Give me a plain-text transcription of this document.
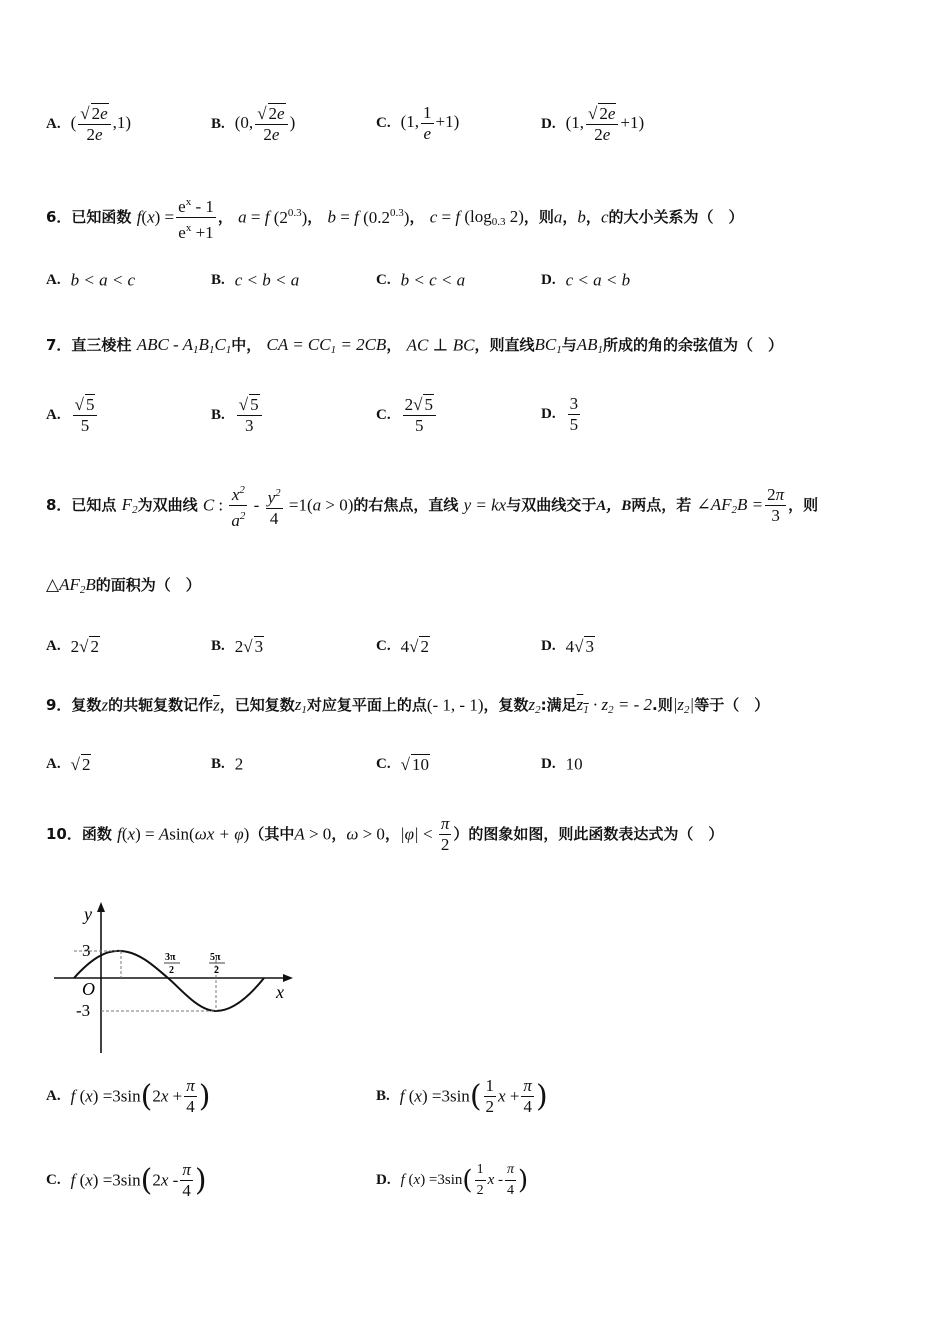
A. ( $\frac{√ 2e}{2e} ,1$)	B. (0, $\frac{√ 2e}{2e}$ )	C. (1, $\frac{1}{e} +1$)	D. (1, $\frac{√ 2e}{2e} +1$)
6．已知函数 $f(x) = \frac{e^x - 1}{e^x +1}$ ， a = f $(2^{0.3})$， b = f $(0.2^{0.3})$， c = f ($\log_{0.3}$ 2)，则a，b，c的大小关系为（　）
A. b < a < c	B. c < b < a	C. b < c < a	D. c < a < b
7．直三棱柱 ABC - $A_1B_1C_1$中， CA = $CC_1 = 2CB$， AC ⊥ BC，则直线$BC_1$与$AB_1$所成的角的余弦值为（　）
A. $\frac{√ 5}{5}$	B. $\frac{√ 5}{3}$	C. $\frac{2√ 5}{5}$	D. $\frac{3}{5}$
8．已知点 $F_2$为双曲线 C : $\frac{x^2}{a^2} - \frac{y^2}{4} =1(a > 0)$的右焦点，直线 y = kx与双曲线交于A，B两点，若 $\angle AF_2B = \frac{2\pi}{3}$ ，则
$\triangle AF_2B$的面积为（　）
A. 2√ 2	B. 2√ 3	C. 4√ 2	D. 4√ 3
9．复数z的共轭复数记作$\overline{z}$，已知复数$z_1$对应复平面上的点(- 1, - 1)，复数$z_2$:满足$z_1 \cdot z_2$ = - 2.则$|z_2|$等于（　）
A. √ 2	B. 2	C. √ 10	D. 10
10．函数 f(x) = Asin(ωx + φ)（其中A > 0，ω > 0，$|\varphi| < \frac{\pi}{2}$ ）的图象如图，则此函数表达式为（　）
y
x
O
3
-3
3π
2
5π
2
A. f $(x) =3\sin(2x + \frac{\pi}{4}$ )	B. f $(x) =3\sin( \frac{1}{2}$ $x + \frac{\pi}{4}$ )
C. f $(x) =3\sin(2x - \frac{\pi}{4}$ )	D. f $(x) =3\sin( \frac{1}{2}$ x - $\frac{\pi}{4}$ )
